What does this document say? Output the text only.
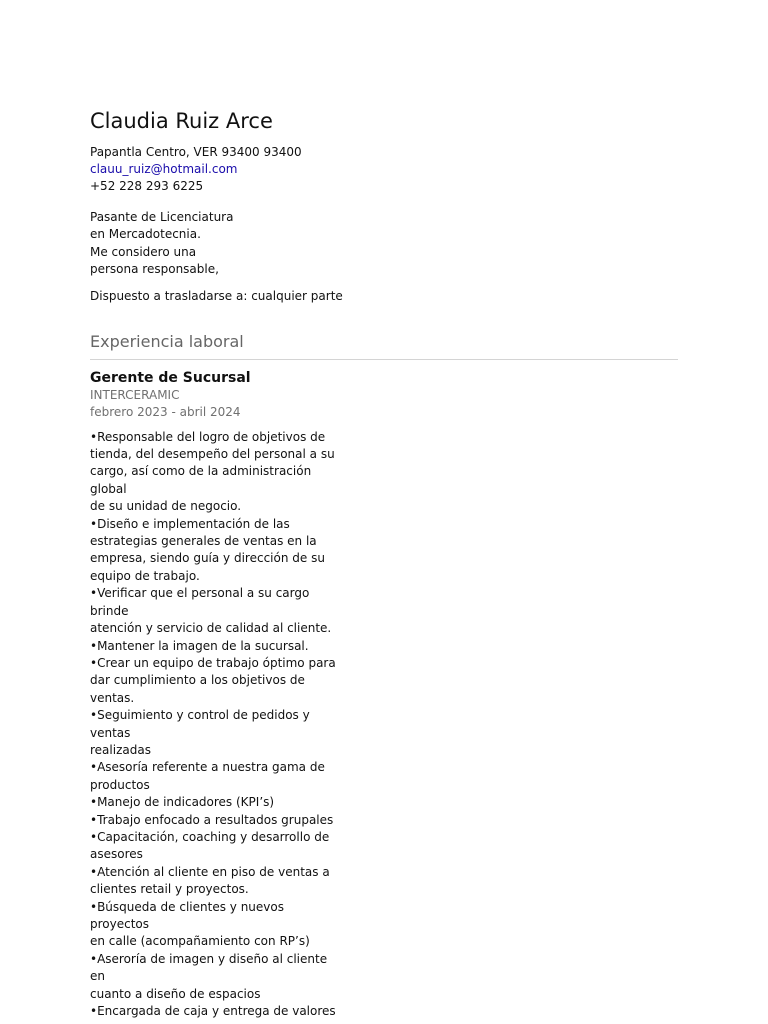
Claudia Ruiz Arce

Papantla Centro, VER 93400 93400

clauu_ruiz@hotmail.com

+52 228 293 6225

Pasante de Licenciatura
en Mercadotecnia.
Me considero una
persona responsable,
Dispuesto a trasladarse a: cualquier parte
Experiencia laboral
Gerente de Sucursal
INTERCERAMIC
febrero 2023 - abril 2024
•Responsable del logro de objetivos de
tienda, del desempeño del personal a su
cargo, así como de la administración global
de su unidad de negocio.
•Diseño e implementación de las
estrategias generales de ventas en la
empresa, siendo guía y dirección de su
equipo de trabajo.
•Verificar que el personal a su cargo brinde
atención y servicio de calidad al cliente.
•Mantener la imagen de la sucursal.
•Crear un equipo de trabajo óptimo para
dar cumplimiento a los objetivos de ventas.
•Seguimiento y control de pedidos y ventas
realizadas
•Asesoría referente a nuestra gama de
productos
•Manejo de indicadores (KPI’s)
•Trabajo enfocado a resultados grupales
•Capacitación, coaching y desarrollo de
asesores
•Atención al cliente en piso de ventas a
clientes retail y proyectos.
•Búsqueda de clientes y nuevos proyectos
en calle (acompañamiento con RP’s)
•Aseroría de imagen y diseño al cliente en
cuanto a diseño de espacios
•Encargada de caja y entrega de valores
